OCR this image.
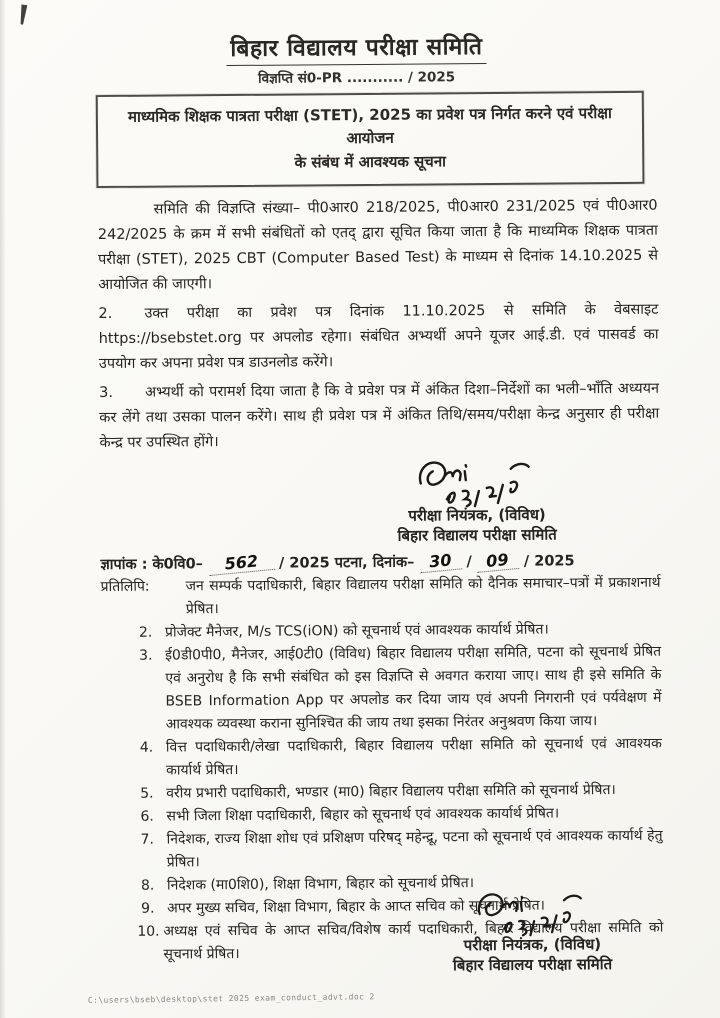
बिहार विद्यालय परीक्षा समिति
विज्ञप्ति सं0-PR ........... / 2025
माध्यमिक शिक्षक पात्रता परीक्षा (STET), 2025 का प्रवेश पत्र निर्गत करने एवं परीक्षा आयोजन
के संबंध में आवश्यक सूचना

समिति की विज्ञप्ति संख्या– पी0आर0 218/2025, पी0आर0 231/2025 एवं पी0आर0 242/2025 के क्रम में सभी संबंधितों को एतद् द्वारा सूचित किया जाता है कि माध्यमिक शिक्षक पात्रता परीक्षा (STET), 2025 CBT (Computer Based Test) के माध्यम से दिनांक 14.10.2025 से आयोजित की जाएगी।

2. उक्त परीक्षा का प्रवेश पत्र दिनांक 11.10.2025 से समिति के वेबसाइट https://bsebstet.org पर अपलोड रहेगा। संबंधित अभ्यर्थी अपने यूजर आई.डी. एवं पासवर्ड का उपयोग कर अपना प्रवेश पत्र डाउनलोड करेंगे।

3. अभ्यर्थी को परामर्श दिया जाता है कि वे प्रवेश पत्र में अंकित दिशा–निर्देशों का भली–भाँति अध्ययन कर लेंगे तथा उसका पालन करेंगे। साथ ही प्रवेश पत्र में अंकित तिथि/समय/परीक्षा केन्द्र अनुसार ही परीक्षा केन्द्र पर उपस्थित होंगे।

परीक्षा नियंत्रक, (विविध)
बिहार विद्यालय परीक्षा समिति
ज्ञापांक : के0वि0– 562 / 2025 पटना, दिनांक– 30 / 09 / 2025
प्रतिलिपि:	जन सम्पर्क पदाधिकारी, बिहार विद्यालय परीक्षा समिति को दैनिक समाचार–पत्रों में प्रकाशनार्थ प्रेषित।
2. प्रोजेक्ट मैनेजर, M/s TCS(iON) को सूचनार्थ एवं आवश्यक कार्यार्थ प्रेषित।
3. ई0डी0पी0, मैनेजर, आई0टी0 (विविध) बिहार विद्यालय परीक्षा समिति, पटना को सूचनार्थ प्रेषित एवं अनुरोध है कि सभी संबंधित को इस विज्ञप्ति से अवगत कराया जाए। साथ ही इसे समिति के BSEB Information App पर अपलोड कर दिया जाय एवं अपनी निगरानी एवं पर्यवेक्षण में आवश्यक व्यवस्था कराना सुनिश्चित की जाय तथा इसका निरंतर अनुश्रवण किया जाय।
4. वित्त पदाधिकारी/लेखा पदाधिकारी, बिहार विद्यालय परीक्षा समिति को सूचनार्थ एवं आवश्यक कार्यार्थ प्रेषित।
5. वरीय प्रभारी पदाधिकारी, भण्डार (मा0) बिहार विद्यालय परीक्षा समिति को सूचनार्थ प्रेषित।
6. सभी जिला शिक्षा पदाधिकारी, बिहार को सूचनार्थ एवं आवश्यक कार्यार्थ प्रेषित।
7. निदेशक, राज्य शिक्षा शोध एवं प्रशिक्षण परिषद् महेन्द्रू, पटना को सूचनार्थ एवं आवश्यक कार्यार्थ हेतु प्रेषित।
8. निदेशक (मा0शि0), शिक्षा विभाग, बिहार को सूचनार्थ प्रेषित।
9. अपर मुख्य सचिव, शिक्षा विभाग, बिहार के आप्त सचिव को सूचनार्थ प्रेषित।
10. अध्यक्ष एवं सचिव के आप्त सचिव/विशेष कार्य पदाधिकारी, बिहार विद्यालय परीक्षा समिति को सूचनार्थ प्रेषित।	परीक्षा नियंत्रक, (विविध)
बिहार विद्यालय परीक्षा समिति
C:\users\bseb\desktop\stet 2025 exam_conduct_advt.doc 2
